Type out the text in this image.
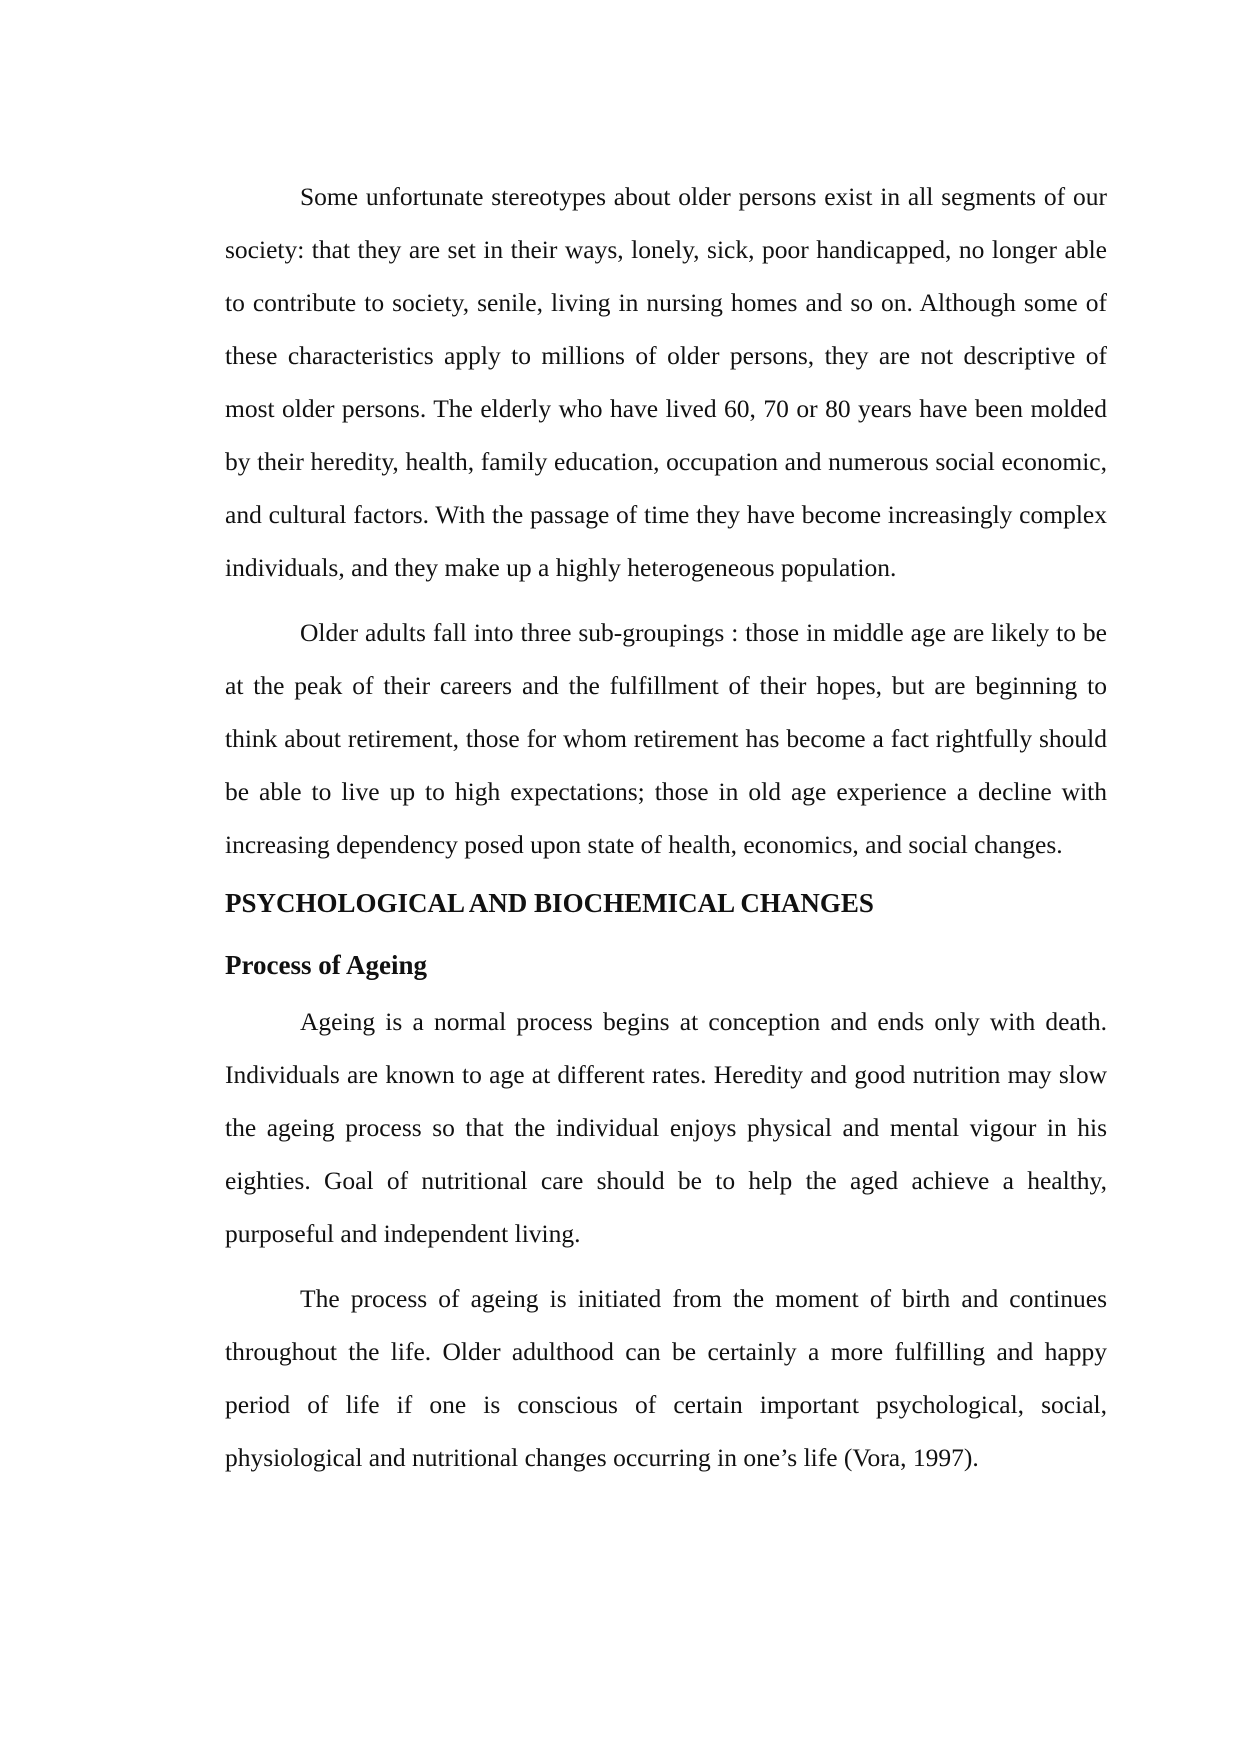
Some unfortunate stereotypes about older persons exist in all segments of our society: that they are set in their ways, lonely, sick, poor handicapped, no longer able to contribute to society, senile, living in nursing homes and so on. Although some of these characteristics apply to millions of older persons, they are not descriptive of most older persons. The elderly who have lived 60, 70 or 80 years have been molded by their heredity, health, family education, occupation and numerous social economic, and cultural factors. With the passage of time they have become increasingly complex individuals, and they make up a highly heterogeneous population.

Older adults fall into three sub-groupings : those in middle age are likely to be at the peak of their careers and the fulfillment of their hopes, but are beginning to think about retirement, those for whom retirement has become a fact rightfully should be able to live up to high expectations; those in old age experience a decline with increasing dependency posed upon state of health, economics, and social changes.

PSYCHOLOGICAL AND BIOCHEMICAL CHANGES
Process of Ageing

Ageing is a normal process begins at conception and ends only with death. Individuals are known to age at different rates. Heredity and good nutrition may slow the ageing process so that the individual enjoys physical and mental vigour in his eighties. Goal of nutritional care should be to help the aged achieve a healthy, purposeful and independent living.

The process of ageing is initiated from the moment of birth and continues throughout the life. Older adulthood can be certainly a more fulfilling and happy period of life if one is conscious of certain important psychological, social, physiological and nutritional changes occurring in one’s life (Vora, 1997).
